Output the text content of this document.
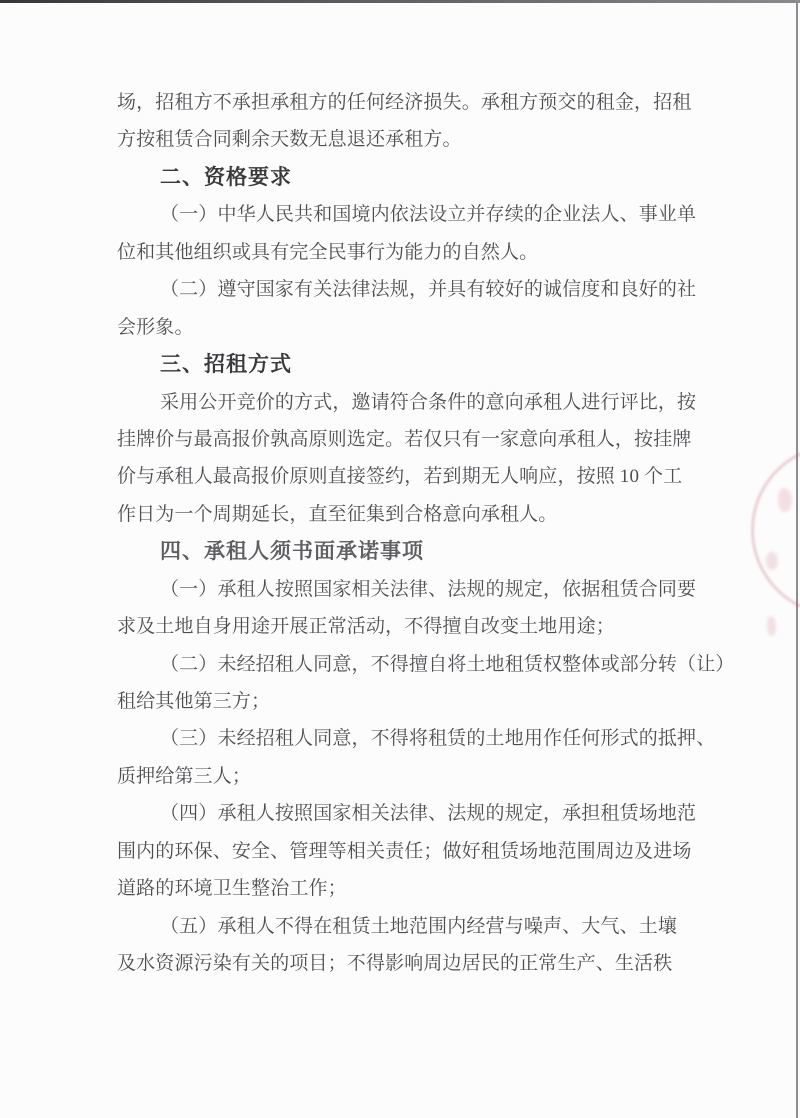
场，招租方不承担承租方的任何经济损失。承租方预交的租金，招租
方按租赁合同剩余天数无息退还承租方。
二、资格要求
（一）中华人民共和国境内依法设立并存续的企业法人、事业单
位和其他组织或具有完全民事行为能力的自然人。
（二）遵守国家有关法律法规，并具有较好的诚信度和良好的社
会形象。
三、招租方式
采用公开竞价的方式，邀请符合条件的意向承租人进行评比，按
挂牌价与最高报价孰高原则选定。若仅只有一家意向承租人，按挂牌
价与承租人最高报价原则直接签约，若到期无人响应，按照 10 个工
作日为一个周期延长，直至征集到合格意向承租人。
四、承租人须书面承诺事项
（一）承租人按照国家相关法律、法规的规定，依据租赁合同要
求及土地自身用途开展正常活动，不得擅自改变土地用途；
（二）未经招租人同意，不得擅自将土地租赁权整体或部分转（让）
租给其他第三方；
（三）未经招租人同意，不得将租赁的土地用作任何形式的抵押、
质押给第三人；
（四）承租人按照国家相关法律、法规的规定，承担租赁场地范
围内的环保、安全、管理等相关责任；做好租赁场地范围周边及进场
道路的环境卫生整治工作；
（五）承租人不得在租赁土地范围内经营与噪声、大气、土壤
及水资源污染有关的项目；不得影响周边居民的正常生产、生活秩
